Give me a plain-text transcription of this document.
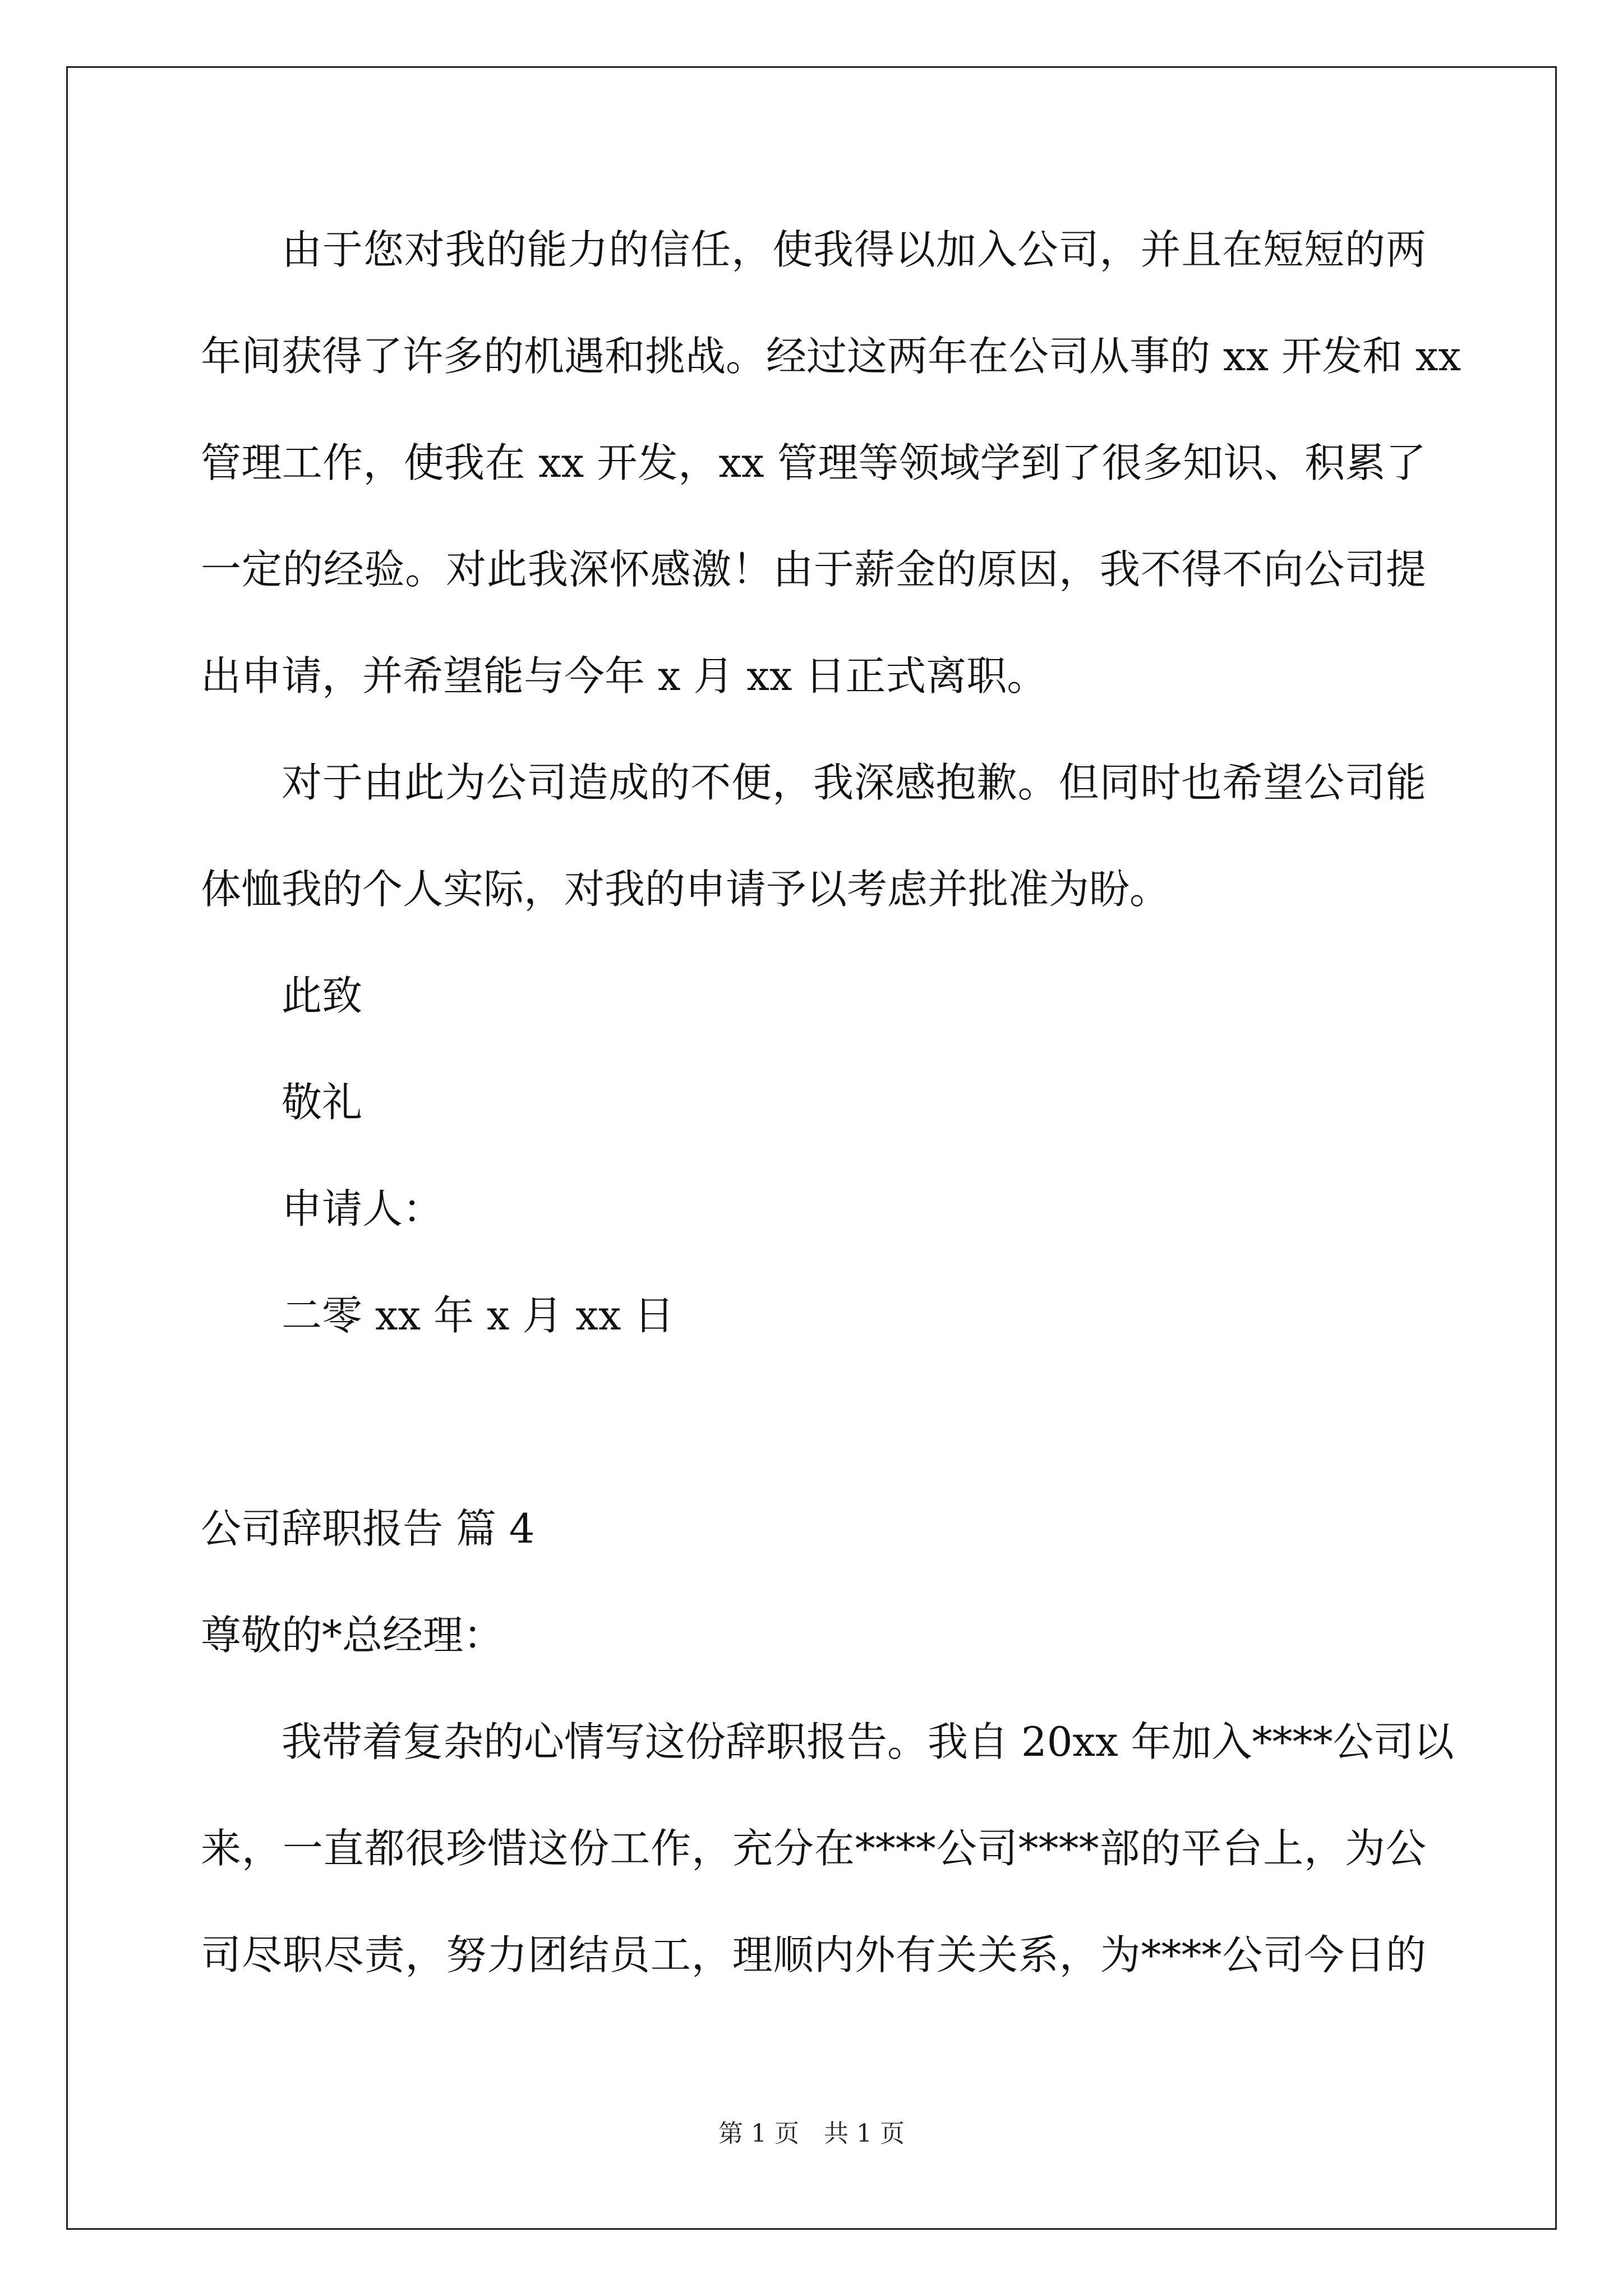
由于您对我的能力的信任，使我得以加入公司，并且在短短的两
年间获得了许多的机遇和挑战。经过这两年在公司从事的 xx 开发和 xx
管理工作，使我在 xx 开发，xx 管理等领域学到了很多知识、积累了
一定的经验。对此我深怀感激！由于薪金的原因，我不得不向公司提
出申请，并希望能与今年 x 月 xx 日正式离职。
对于由此为公司造成的不便，我深感抱歉。但同时也希望公司能
体恤我的个人实际，对我的申请予以考虑并批准为盼。
此致
敬礼
申请人：
二零 xx 年 x 月 xx 日
公司辞职报告 篇 4
尊敬的*总经理：
我带着复杂的心情写这份辞职报告。我自 20xx 年加入****公司以
来，一直都很珍惜这份工作，充分在****公司****部的平台上，为公
司尽职尽责，努力团结员工，理顺内外有关关系，为****公司今日的
第 1 页 共 1 页
